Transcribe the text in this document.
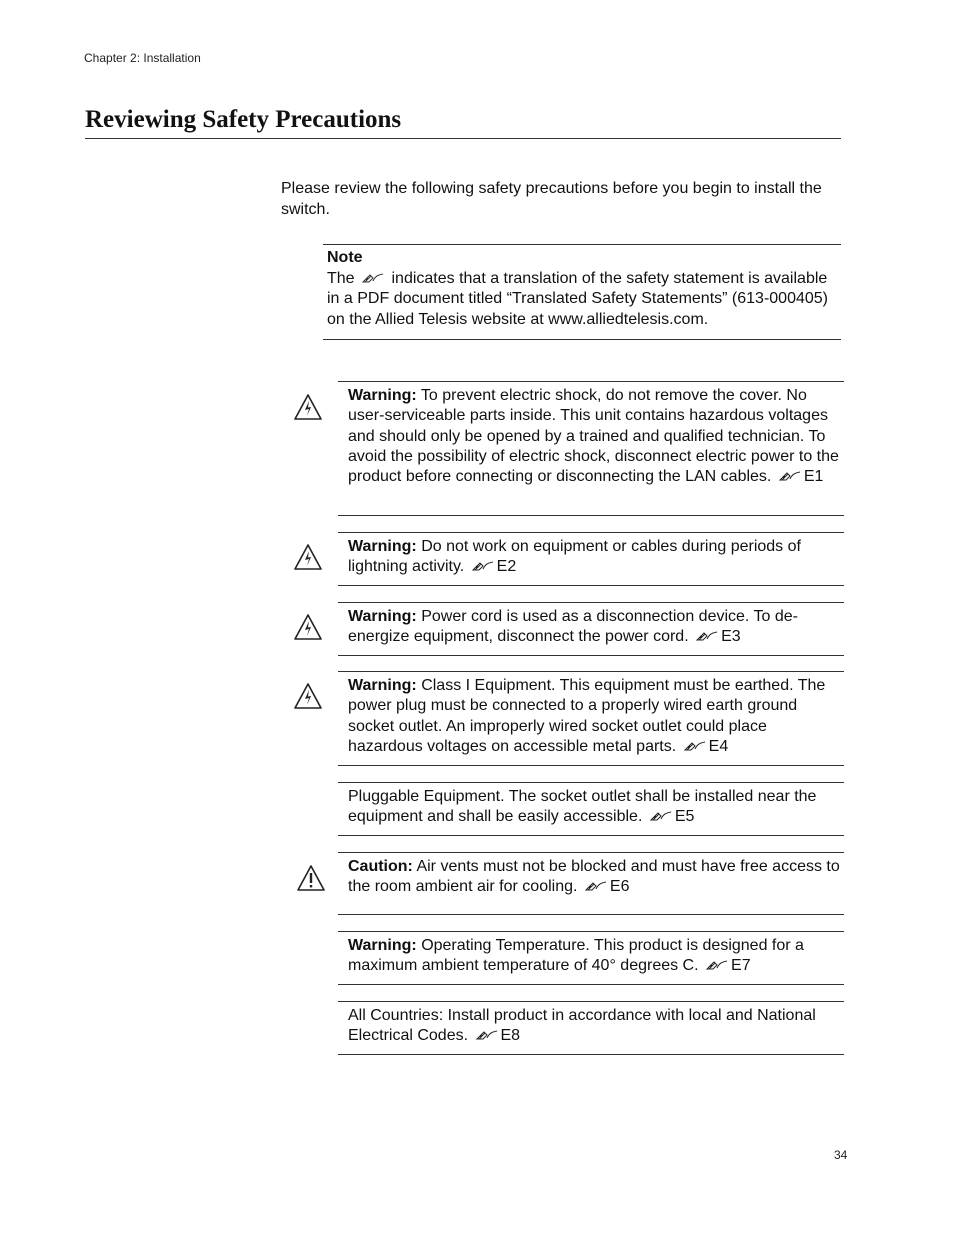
Chapter 2: Installation
Reviewing Safety Precautions

Please review the following safety precautions before you begin to install the switch.

Note
The indicates that a translation of the safety statement is available in a PDF document titled “Translated Safety Statements” (613-000405) on the Allied Telesis website at www.alliedtelesis.com.
Warning: To prevent electric shock, do not remove the cover. No user-serviceable parts inside. This unit contains hazardous voltages and should only be opened by a trained and qualified technician. To avoid the possibility of electric shock, disconnect electric power to the product before connecting or disconnecting the LAN cables. E1
Warning: Do not work on equipment or cables during periods of lightning activity. E2
Warning: Power cord is used as a disconnection device. To de-energize equipment, disconnect the power cord. E3
Warning: Class I Equipment. This equipment must be earthed. The power plug must be connected to a properly wired earth ground socket outlet. An improperly wired socket outlet could place hazardous voltages on accessible metal parts. E4
Pluggable Equipment. The socket outlet shall be installed near the equipment and shall be easily accessible. E5
Caution: Air vents must not be blocked and must have free access to the room ambient air for cooling. E6
Warning: Operating Temperature. This product is designed for a maximum ambient temperature of 40° degrees C. E7
All Countries: Install product in accordance with local and National Electrical Codes. E8
34
